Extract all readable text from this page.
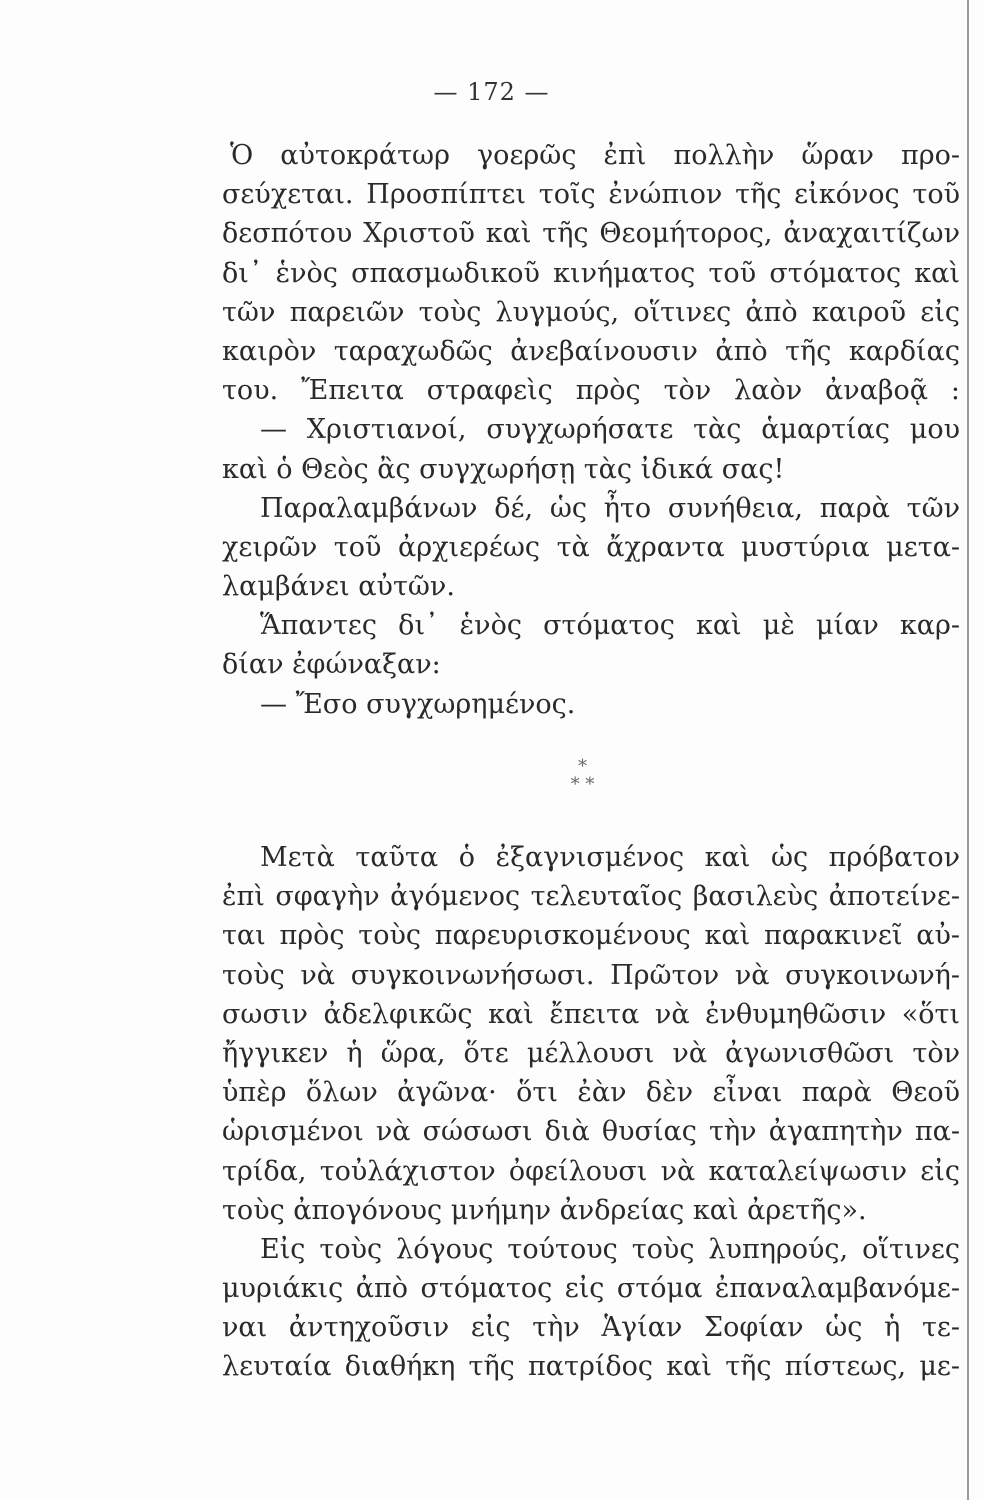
— 172 —
Ὁ αὐτοκράτωρ γοερῶς ἐπὶ πολλὴν ὥραν προ-
σεύχεται. Προσπίπτει τοῖς ἐνώπιον τῆς εἰκόνος τοῦ
δεσπότου Χριστοῦ καὶ τῆς Θεομήτορος, ἀναχαιτίζων
δι᾿ ἑνὸς σπασμωδικοῦ κινήματος τοῦ στόματος καὶ
τῶν παρειῶν τοὺς λυγμούς, οἵτινες ἀπὸ καιροῦ εἰς
καιρὸν ταραχωδῶς ἀνεβαίνουσιν ἀπὸ τῆς καρδίας
του. Ἔπειτα στραφεὶς πρὸς τὸν λαὸν ἀναβοᾷ :
— Χριστιανοί, συγχωρήσατε τὰς ἁμαρτίας μου
καὶ ὁ Θεὸς ἂς συγχωρήσῃ τὰς ἰδικά σας!
Παραλαμβάνων δέ, ὡς ἦτο συνήθεια, παρὰ τῶν
χειρῶν τοῦ ἀρχιερέως τὰ ἄχραντα μυστύρια μετα-
λαμβάνει αὐτῶν.
Ἅπαντες δι᾿ ἑνὸς στόματος καὶ μὲ μίαν καρ-
δίαν ἐφώναξαν:
— Ἔσο συγχωρημένος.
*
* *
Μετὰ ταῦτα ὁ ἐξαγνισμένος καὶ ὡς πρόβατον
ἐπὶ σφαγὴν ἀγόμενος τελευταῖος βασιλεὺς ἀποτείνε-
ται πρὸς τοὺς παρευρισκομένους καὶ παρακινεῖ αὐ-
τοὺς νὰ συγκοινωνήσωσι. Πρῶτον νὰ συγκοινωνή-
σωσιν ἀδελφικῶς καὶ ἔπειτα νὰ ἐνθυμηθῶσιν «ὅτι
ἤγγικεν ἡ ὥρα, ὅτε μέλλουσι νὰ ἀγωνισθῶσι τὸν
ὑπὲρ ὅλων ἀγῶνα· ὅτι ἐὰν δὲν εἶναι παρὰ Θεοῦ
ὡρισμένοι νὰ σώσωσι διὰ θυσίας τὴν ἀγαπητὴν πα-
τρίδα, τοὐλάχιστον ὀφείλουσι νὰ καταλείψωσιν εἰς
τοὺς ἀπογόνους μνήμην ἀνδρείας καὶ ἀρετῆς».
Εἰς τοὺς λόγους τούτους τοὺς λυπηρούς, οἵτινες
μυριάκις ἀπὸ στόματος εἰς στόμα ἐπαναλαμβανόμε-
ναι ἀντηχοῦσιν εἰς τὴν Ἁγίαν Σοφίαν ὡς ἡ τε-
λευταία διαθήκη τῆς πατρίδος καὶ τῆς πίστεως, με-
